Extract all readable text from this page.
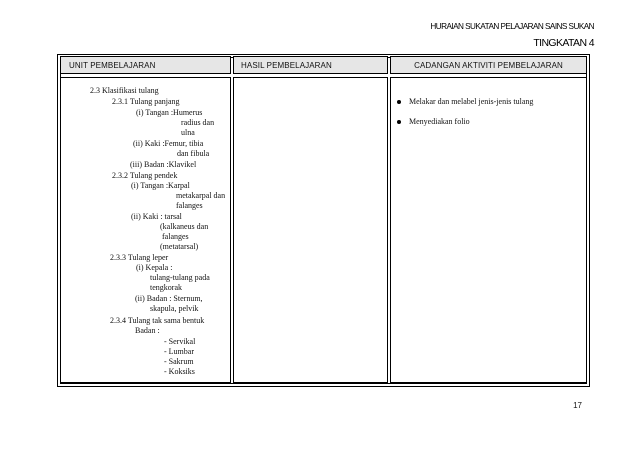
HURAIAN SUKATAN PELAJARAN SAINS SUKAN
TINGKATAN 4
UNIT PEMBELAJARAN	HASIL PEMBELAJARAN	CADANGAN AKTIVITI PEMBELAJARAN
2.3 Klasifikasi tulang
2.3.1 Tulang panjang
(i) Tangan :Humerus
radius dan
ulna
(ii) Kaki :Femur, tibia
dan fibula
(iii) Badan :Klavikel
2.3.2 Tulang pendek
(i) Tangan :Karpal
metakarpal dan
falanges
(ii) Kaki : tarsal
(kalkaneus dan
falanges
(metatarsal)
2.3.3 Tulang leper
(i) Kepala :
tulang-tulang pada
tengkorak
(ii) Badan : Sternum,
skapula, pelvik
2.3.4 Tulang tak sama bentuk
Badan :
- Servikal
- Lumbar
- Sakrum
- Koksiks
Melakar dan melabel jenis-jenis tulang
Menyediakan folio
17
